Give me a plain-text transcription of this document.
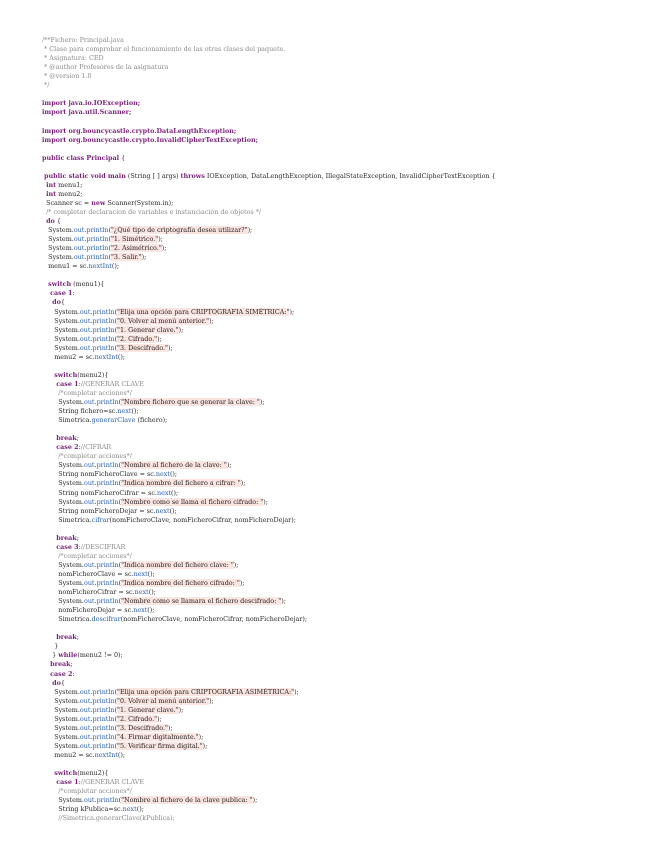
/**Fichero: Principal.java
* Clase para comprobar el funcionamiento de las otras clases del paquete.
* Asignatura: CED
* @author Profesores de la asignatura
* @version 1.0
*/
import java.io.IOException;
import java.util.Scanner;
import org.bouncycastle.crypto.DataLengthException;
import org.bouncycastle.crypto.InvalidCipherTextException;
public class Principal {
public static void main (String [ ] args) throws IOException, DataLengthException, IllegalStateException, InvalidCipherTextException {
int menu1;
int menu2;
Scanner sc = new Scanner(System.in);
/* completar declaracion de variables e instanciación de objetos */
do {
System.out.println("¿Qué tipo de criptografía desea utilizar?");
System.out.println("1. Simétrico.");
System.out.println("2. Asimétrico.");
System.out.println("3. Salir.");
menu1 = sc.nextInt();
switch (menu1){
case 1:
do{
System.out.println("Elija una opción para CRIPTOGRAFIA SIMÉTRICA:");
System.out.println("0. Volver al menú anterior.");
System.out.println("1. Generar clave.");
System.out.println("2. Cifrado.");
System.out.println("3. Descifrado.");
menu2 = sc.nextInt();
switch(menu2){
case 1://GENERAR CLAVE
/*completar acciones*/
System.out.println("Nombre fichero que se generar la clave: ");
String fichero=sc.next();
Simetrica.generarClave (fichero);
break;
case 2://CIFRAR
/*completar acciones*/
System.out.println("Nombre al fichero de la clave: ");
String nomFicheroClave = sc.next();
System.out.println("Indica nombre del fichero a cifrar: ");
String nomFicheroCifrar = sc.next();
System.out.println("Nombre como se llama el fichero cifrado: ");
String nomFicheroDejar = sc.next();
Simetrica.cifrar(nomFicheroClave, nomFicheroCifrar, nomFicheroDejar);
break;
case 3://DESCIFRAR
/*completar acciones*/
System.out.println("Indica nombre del fichero clave: ");
nomFicheroClave = sc.next();
System.out.println("Indica nombre del fichero cifrado: ");
nomFicheroCifrar = sc.next();
System.out.println("Nombre como se llamara el fichero descifrado: ");
nomFicheroDejar = sc.next();
Simetrica.descifrar(nomFicheroClave, nomFicheroCifrar, nomFicheroDejar);
break;
}
} while(menu2 != 0);
break;
case 2:
do{
System.out.println("Elija una opción para CRIPTOGRAFIA ASIMÉTRICA:");
System.out.println("0. Volver al menú anterior.");
System.out.println("1. Generar clave.");
System.out.println("2. Cifrado.");
System.out.println("3. Descifrado.");
System.out.println("4. Firmar digitalmente.");
System.out.println("5. Verificar firma digital.");
menu2 = sc.nextInt();
switch(menu2){
case 1://GENERAR CLAVE
/*completar acciones*/
System.out.println("Nombre al fichero de la clave publica: ");
String kPublica=sc.next();
//Simetrica.generarClave(kPublica);
